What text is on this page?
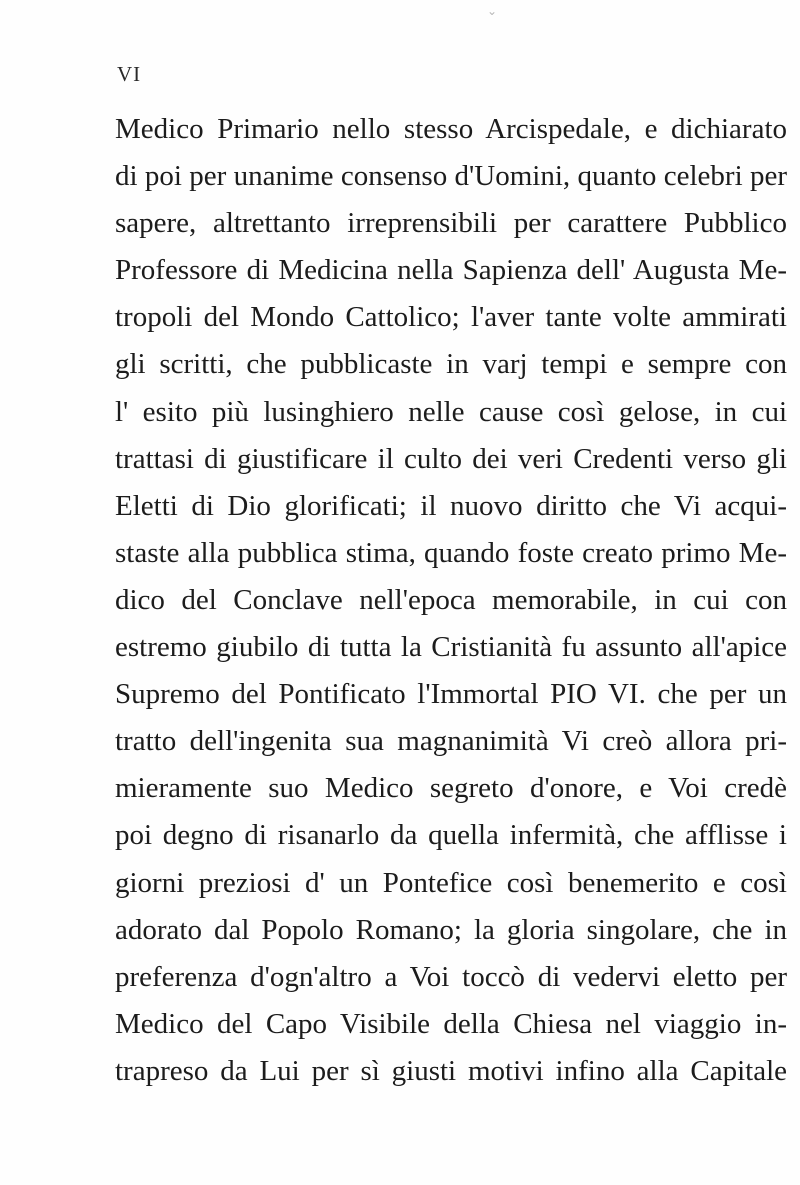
⌄
VI
Medico Primario nello stesso Arcispedale, e dichiarato
di poi per unanime consenso d'Uomini, quanto celebri per
sapere, altrettanto irreprensibili per carattere Pubblico
Professore di Medicina nella Sapienza dell' Augusta Me-
tropoli del Mondo Cattolico; l'aver tante volte ammirati
gli scritti, che pubblicaste in varj tempi e sempre con
l' esito più lusinghiero nelle cause così gelose, in cui
trattasi di giustificare il culto dei veri Credenti verso gli
Eletti di Dio glorificati; il nuovo diritto che Vi acqui-
staste alla pubblica stima, quando foste creato primo Me-
dico del Conclave nell'epoca memorabile, in cui con
estremo giubilo di tutta la Cristianità fu assunto all'apice
Supremo del Pontificato l'Immortal PIO VI. che per un
tratto dell'ingenita sua magnanimità Vi creò allora pri-
mieramente suo Medico segreto d'onore, e Voi credè
poi degno di risanarlo da quella infermità, che afflisse i
giorni preziosi d' un Pontefice così benemerito e così
adorato dal Popolo Romano; la gloria singolare, che in
preferenza d'ogn'altro a Voi toccò di vedervi eletto per
Medico del Capo Visibile della Chiesa nel viaggio in-
trapreso da Lui per sì giusti motivi infino alla Capitale
